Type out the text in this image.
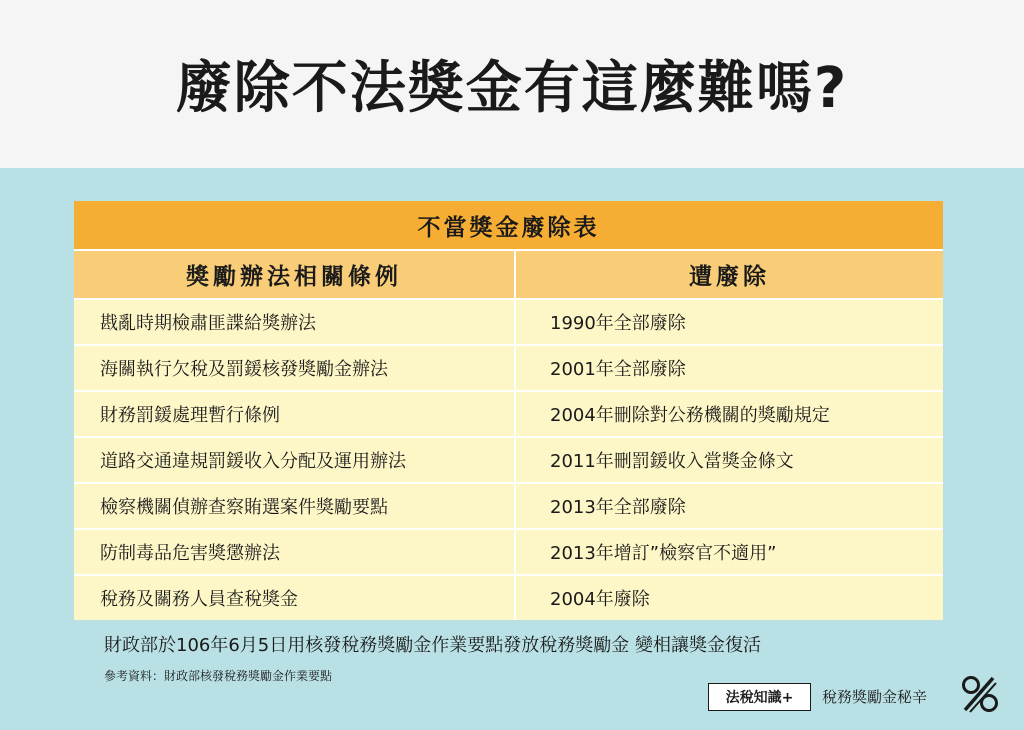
廢除不法獎金有這麼難嗎?
不當獎金廢除表
獎勵辦法相關條例	遭廢除
戡亂時期檢肅匪諜給獎辦法	1990年全部廢除
海關執行欠稅及罰鍰核發獎勵金辦法	2001年全部廢除
財務罰鍰處理暫行條例	2004年刪除對公務機關的獎勵規定
道路交通違規罰鍰收入分配及運用辦法	2011年刪罰鍰收入當獎金條文
檢察機關偵辦查察賄選案件獎勵要點	2013年全部廢除
防制毒品危害獎懲辦法	2013年增訂”檢察官不適用”
稅務及關務人員查稅獎金	2004年廢除
財政部於106年6月5日用核發稅務獎勵金作業要點發放稅務獎勵金 變相讓獎金復活
參考資料：財政部核發稅務獎勵金作業要點
法稅知識+	稅務獎勵金秘辛
